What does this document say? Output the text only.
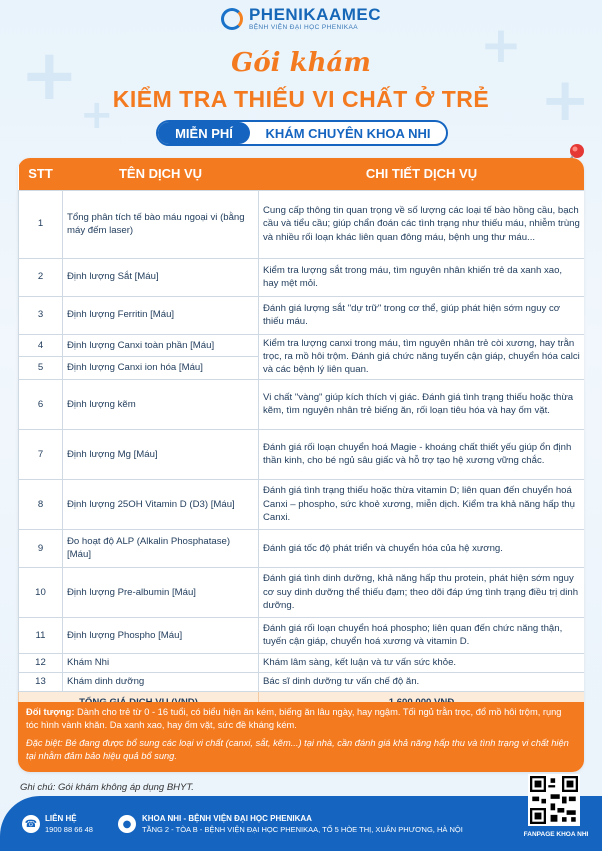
+	+
+
+
PHENIKAAMEC
BỆNH VIỆN ĐẠI HỌC PHENIKAA
Gói khám
KIỂM TRA THIẾU VI CHẤT Ở TRẺ
MIỄN PHÍ	KHÁM CHUYÊN KHOA NHI
STT	TÊN DỊCH VỤ	CHI TIẾT DỊCH VỤ
1	Tổng phân tích tế bào máu ngoại vi (bằng máy đếm laser)	Cung cấp thông tin quan trọng về số lượng các loại tế bào hồng cầu, bạch cầu và tiểu cầu; giúp chẩn đoán các tình trạng như thiếu máu, nhiễm trùng và nhiều rối loạn khác liên quan đông máu, bệnh ung thư máu...
2	Định lượng Sắt [Máu]	Kiểm tra lượng sắt trong máu, tìm nguyên nhân khiến trẻ da xanh xao, hay mệt mỏi.
3	Định lượng Ferritin [Máu]	Đánh giá lượng sắt "dự trữ" trong cơ thể, giúp phát hiện sớm nguy cơ thiếu máu.
4	Định lượng Canxi toàn phần [Máu]	Kiểm tra lượng canxi trong máu, tìm nguyên nhân trẻ còi xương, hay trằn trọc, ra mồ hôi trộm. Đánh giá chức năng tuyến cận giáp, chuyển hóa calci và các bệnh lý liên quan.
5	Định lượng Canxi ion hóa [Máu]	
6	Định lượng kẽm	Vi chất "vàng" giúp kích thích vị giác. Đánh giá tình trạng thiếu hoặc thừa kẽm, tìm nguyên nhân trẻ biếng ăn, rối loạn tiêu hóa và hay ốm vặt.
7	Định lượng Mg [Máu]	Đánh giá rối loạn chuyển hoá Magie - khoáng chất thiết yếu giúp ổn định thần kinh, cho bé ngủ sâu giấc và hỗ trợ tạo hệ xương vững chắc.
8	Định lượng 25OH Vitamin D (D3) [Máu]	Đánh giá tình trạng thiếu hoặc thừa vitamin D; liên quan đến chuyển hoá Canxi – phospho, sức khoẻ xương, miễn dịch. Kiểm tra khả năng hấp thụ Canxi.
9	Đo hoạt độ ALP (Alkalin Phosphatase) [Máu]	Đánh giá tốc độ phát triển và chuyển hóa của hệ xương.
10	Định lượng Pre-albumin [Máu]	Đánh giá tình dinh dưỡng, khả năng hấp thu protein, phát hiện sớm nguy cơ suy dinh dưỡng thể thiếu đạm; theo dõi đáp ứng tình trạng điều trị dinh dưỡng.
11	Định lượng Phospho [Máu]	Đánh giá rối loạn chuyển hoá phospho; liên quan đến chức năng thận, tuyến cận giáp, chuyển hoá xương và vitamin D.
12	Khám Nhi	Khám lâm sàng, kết luận và tư vấn sức khỏe.
13	Khám dinh dưỡng	Bác sĩ dinh dưỡng tư vấn chế độ ăn.

Đối tượng: Dành cho trẻ từ 0 - 16 tuổi, có biểu hiện ăn kém, biếng ăn lâu ngày, hay ngậm. Tối ngủ trằn trọc, đổ mồ hôi trộm, rụng tóc hình vành khăn. Da xanh xao, hay ốm vặt, sức đề kháng kém.
Đặc biệt: Bé đang được bổ sung các loại vi chất (canxi, sắt, kẽm...) tại nhà, cần đánh giá khả năng hấp thu và tình trạng vi chất hiện tại nhằm đảm bảo hiệu quả bổ sung.
Ghi chú: Gói khám không áp dụng BHYT.
☎
LIÊN HỆ
1900 88 66 48	●
KHOA NHI - BỆNH VIỆN ĐẠI HỌC PHENIKAA
TẦNG 2 - TÒA B - BỆNH VIỆN ĐẠI HỌC PHENIKAA, TỐ 5 HÒE THỊ, XUÂN PHƯƠNG, HÀ NỘI
FANPAGE KHOA NHI
